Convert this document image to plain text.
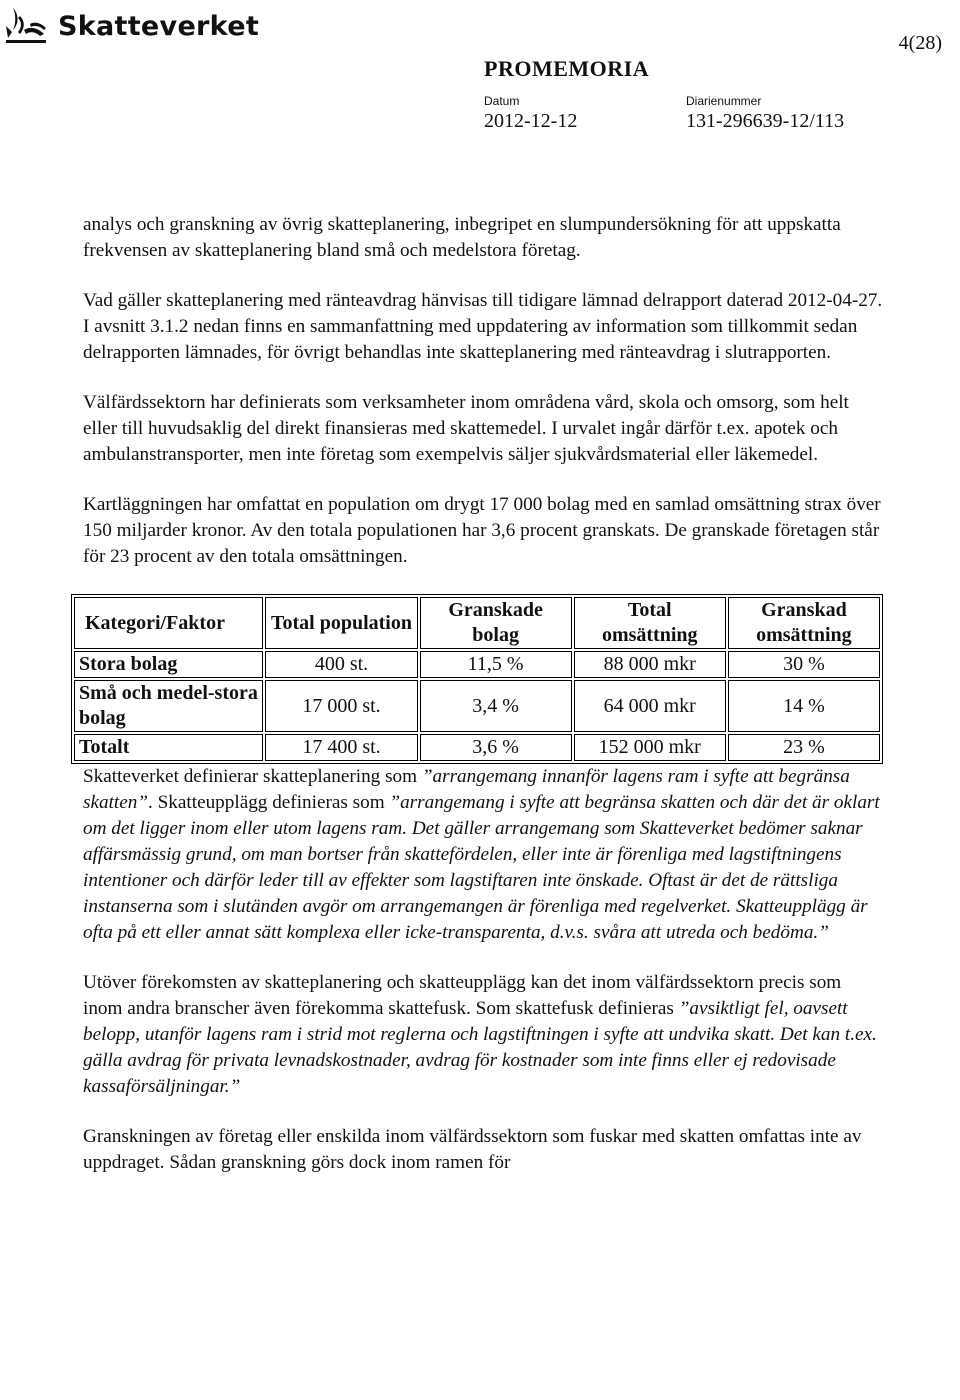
Skatteverket
4(28)
PROMEMORIA
Datum
2012-12-12
Diarienummer
131-296639-12/113

analys och granskning av övrig skatteplanering, inbegripet en slumpundersökning för att uppskatta frekvensen av skatteplanering bland små och medelstora företag.

Vad gäller skatteplanering med ränteavdrag hänvisas till tidigare lämnad delrapport daterad 2012-04-27. I avsnitt 3.1.2 nedan finns en sammanfattning med uppdatering av information som tillkommit sedan delrapporten lämnades, för övrigt behandlas inte skatteplanering med ränteavdrag i slutrapporten.

Välfärdssektorn har definierats som verksamheter inom områdena vård, skola och omsorg, som helt eller till huvudsaklig del direkt finansieras med skattemedel. I urvalet ingår därför t.ex. apotek och ambulanstransporter, men inte företag som exempelvis säljer sjukvårdsmaterial eller läkemedel.

Kartläggningen har omfattat en population om drygt 17 000 bolag med en samlad omsättning strax över 150 miljarder kronor. Av den totala populationen har 3,6 procent granskats. De granskade företagen står för 23 procent av den totala omsättningen.

Kategori/Faktor	Total population	Granskade bolag	Total omsättning	Granskad omsättning
Stora bolag	400 st.	11,5 %	88 000 mkr	30 %
Små och medel-stora bolag	17 000 st.	3,4 %	64 000 mkr	14 %
Totalt	17 400 st.	3,6 %	152 000 mkr	23 %

Skatteverket definierar skatteplanering som ”arrangemang innanför lagens ram i syfte att begränsa skatten”. Skatteupplägg definieras som ”arrangemang i syfte att begränsa skatten och där det är oklart om det ligger inom eller utom lagens ram. Det gäller arrangemang som Skatteverket bedömer saknar affärsmässig grund, om man bortser från skattefördelen, eller inte är förenliga med lagstiftningens intentioner och därför leder till av effekter som lagstiftaren inte önskade. Oftast är det de rättsliga instanserna som i slutänden avgör om arrangemangen är förenliga med regelverket. Skatteupplägg är ofta på ett eller annat sätt komplexa eller icke-transparenta, d.v.s. svåra att utreda och bedöma.”

Utöver förekomsten av skatteplanering och skatteupplägg kan det inom välfärdssektorn precis som inom andra branscher även förekomma skattefusk. Som skattefusk definieras ”avsiktligt fel, oavsett belopp, utanför lagens ram i strid mot reglerna och lagstiftningen i syfte att undvika skatt. Det kan t.ex. gälla avdrag för privata levnadskostnader, avdrag för kostnader som inte finns eller ej redovisade kassaförsäljningar.”

Granskningen av företag eller enskilda inom välfärdssektorn som fuskar med skatten omfattas inte av uppdraget. Sådan granskning görs dock inom ramen för
